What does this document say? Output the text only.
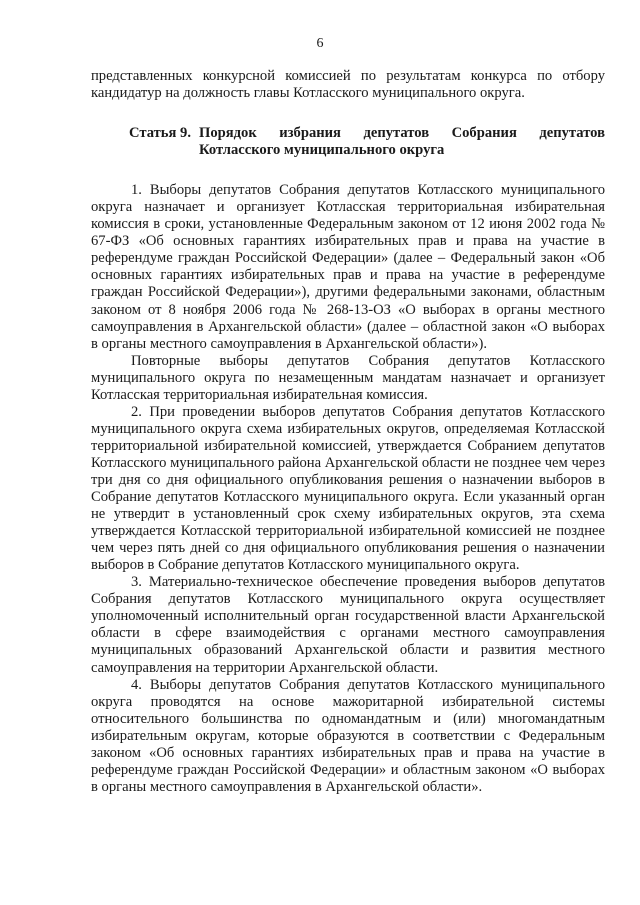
6

представленных конкурсной комиссией по результатам конкурса по отбору кандидатур на должность главы Котласского муниципального округа.

Статья 9. Порядок избрания депутатов Собрания депутатов Котласского муниципального округа

1. Выборы депутатов Собрания депутатов Котласского муниципального округа назначает и организует Котласская территориальная избирательная комиссия в сроки, установленные Федеральным законом от 12 июня 2002 года № 67-ФЗ «Об основных гарантиях избирательных прав и права на участие в референдуме граждан Российской Федерации» (далее – Федеральный закон «Об основных гарантиях избирательных прав и права на участие в референдуме граждан Российской Федерации»), другими федеральными законами, областным законом от 8 ноября 2006 года № 268-13-ОЗ «О выборах в органы местного самоуправления в Архангельской области» (далее – областной закон «О выборах в органы местного самоуправления в Архангельской области»).

Повторные выборы депутатов Собрания депутатов Котласского муниципального округа по незамещенным мандатам назначает и организует Котласская территориальная избирательная комиссия.

2. При проведении выборов депутатов Собрания депутатов Котласского муниципального округа схема избирательных округов, определяемая Котласской территориальной избирательной комиссией, утверждается Собранием депутатов Котласского муниципального района Архангельской области не позднее чем через три дня со дня официального опубликования решения о назначении выборов в Собрание депутатов Котласского муниципального округа. Если указанный орган не утвердит в установленный срок схему избирательных округов, эта схема утверждается Котласской территориальной избирательной комиссией не позднее чем через пять дней со дня официального опубликования решения о назначении выборов в Собрание депутатов Котласского муниципального округа.

3. Материально-техническое обеспечение проведения выборов депутатов Собрания депутатов Котласского муниципального округа осуществляет уполномоченный исполнительный орган государственной власти Архангельской области в сфере взаимодействия с органами местного самоуправления муниципальных образований Архангельской области и развития местного самоуправления на территории Архангельской области.

4. Выборы депутатов Собрания депутатов Котласского муниципального округа проводятся на основе мажоритарной избирательной системы относительного большинства по одномандатным и (или) многомандатным избирательным округам, которые образуются в соответствии с Федеральным законом «Об основных гарантиях избирательных прав и права на участие в референдуме граждан Российской Федерации» и областным законом «О выборах в органы местного самоуправления в Архангельской области».
